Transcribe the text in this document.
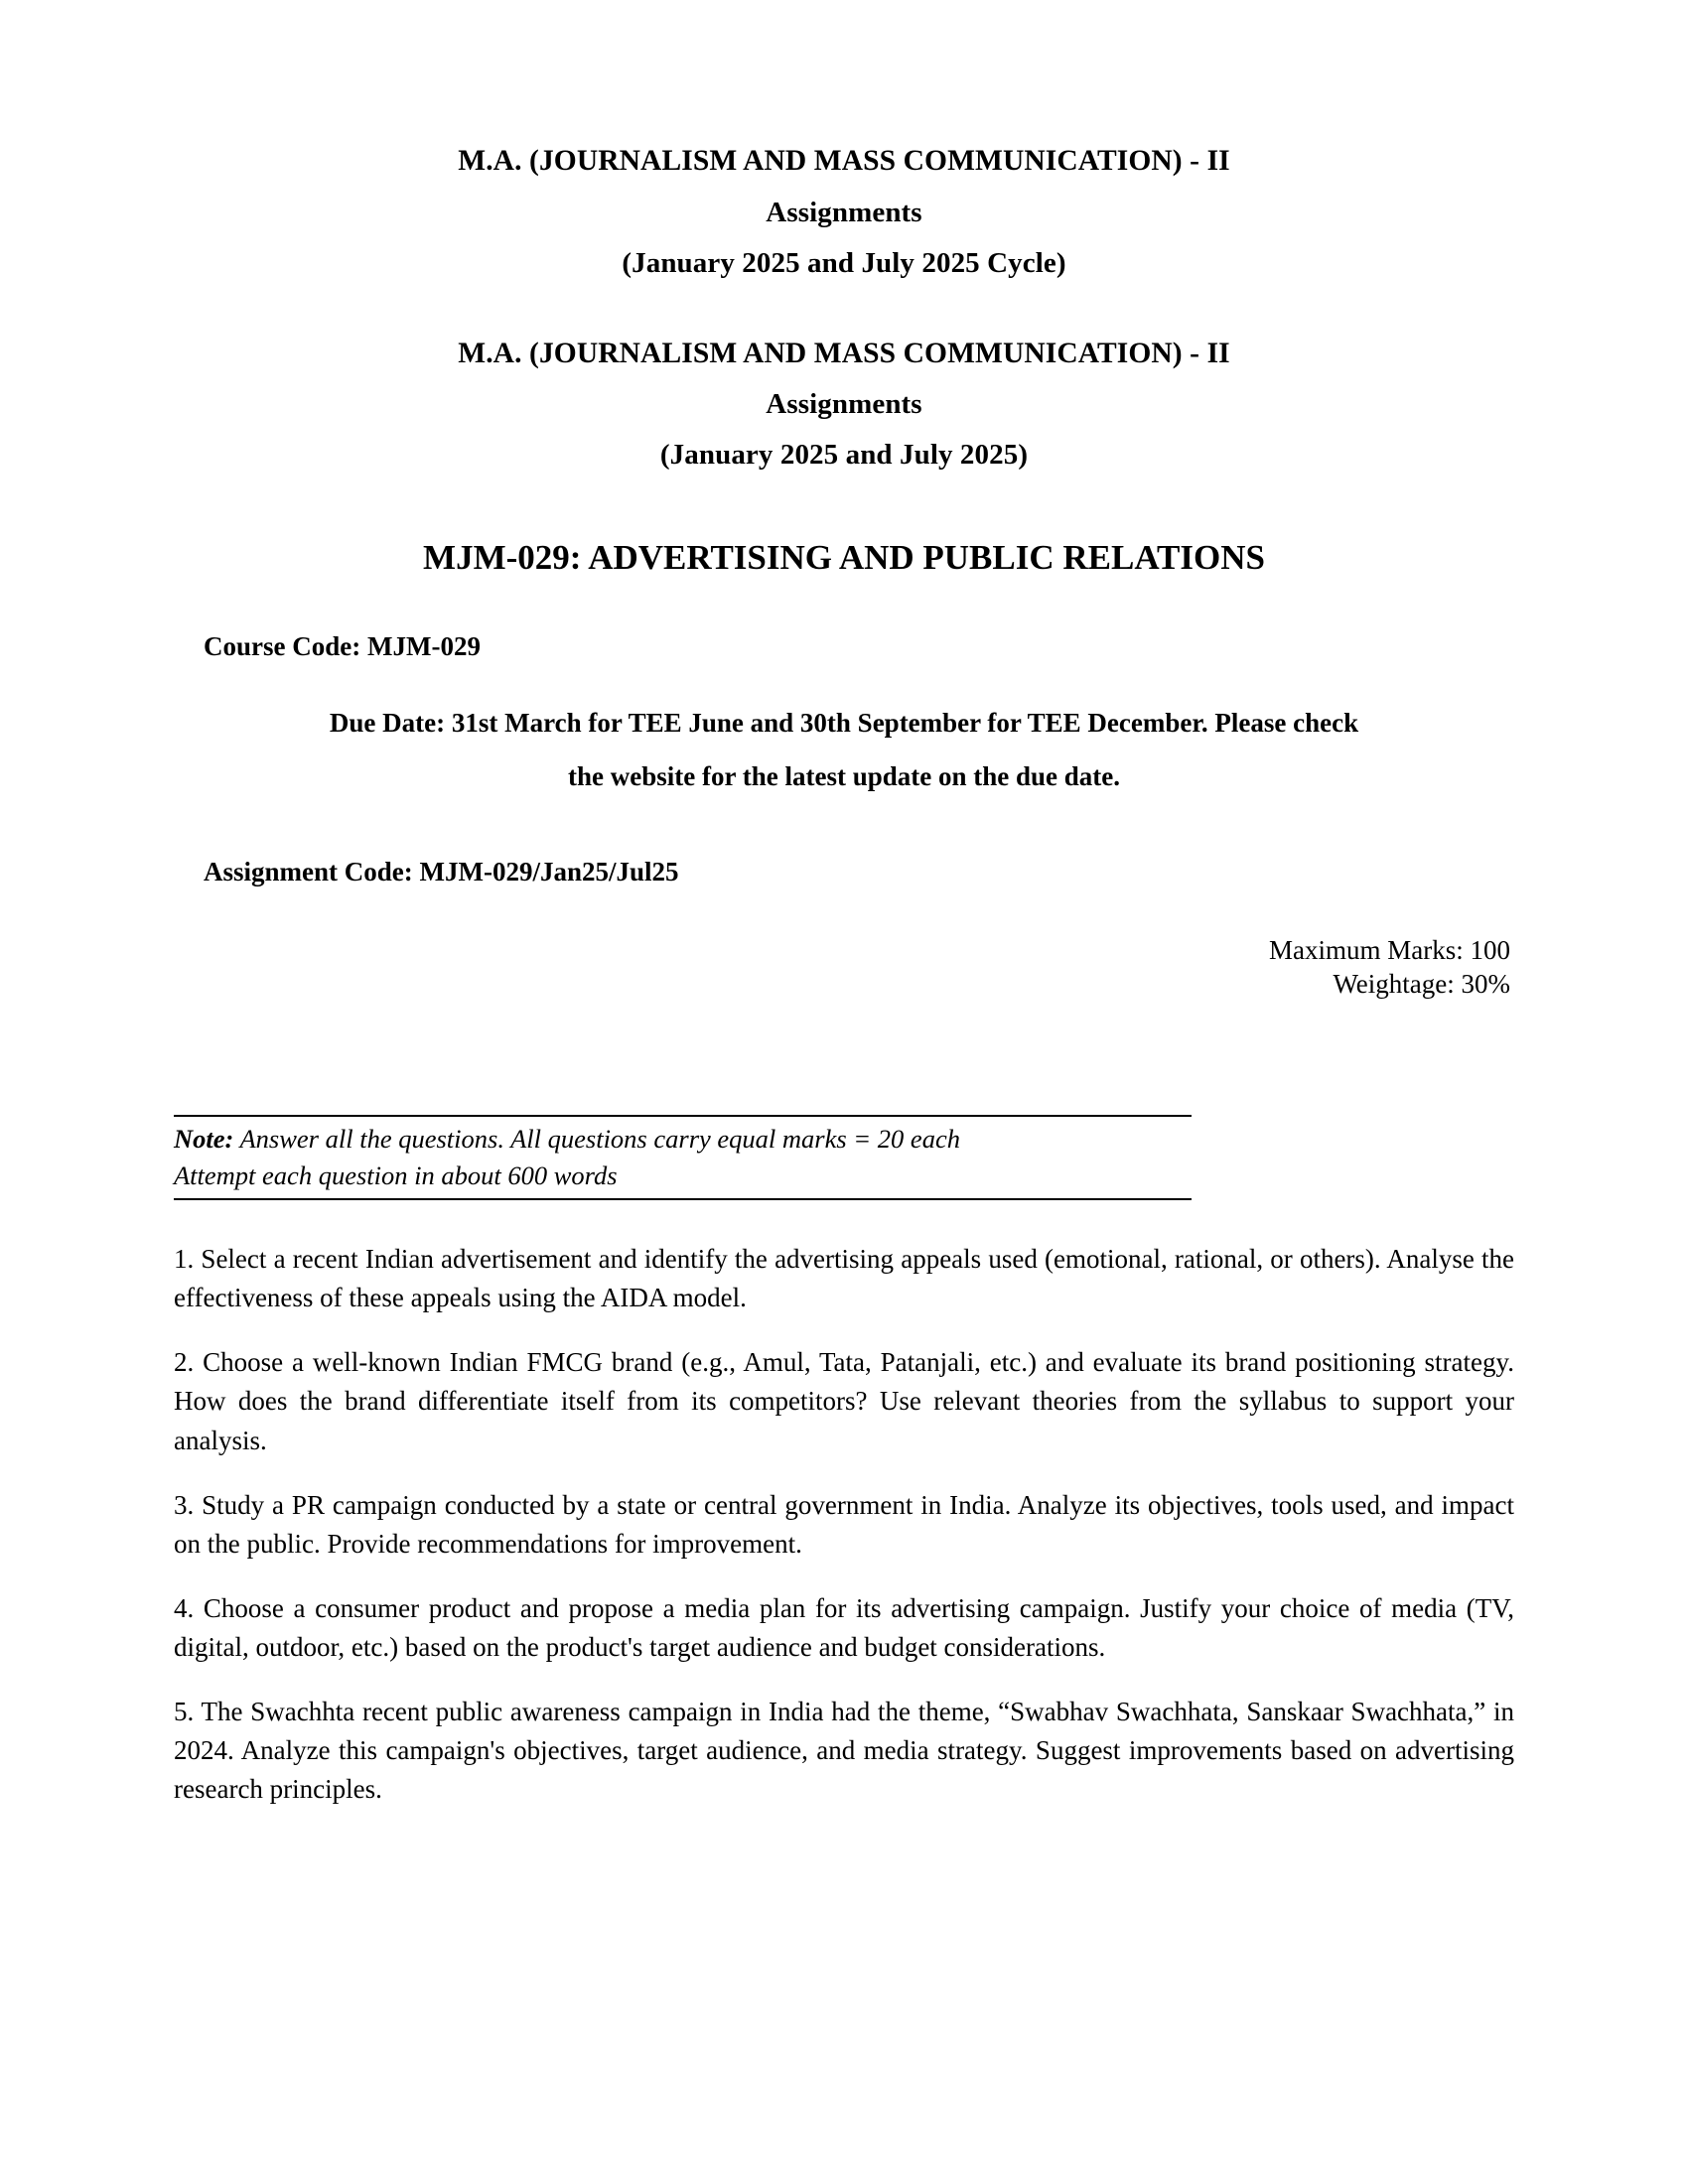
M.A. (JOURNALISM AND MASS COMMUNICATION) - II
Assignments
(January 2025 and July 2025 Cycle)
M.A. (JOURNALISM AND MASS COMMUNICATION) - II
Assignments
(January 2025 and July 2025)
MJM-029: ADVERTISING AND PUBLIC RELATIONS
Course Code: MJM-029
Due Date: 31st March for TEE June and 30th September for TEE December. Please check
the website for the latest update on the due date.
Assignment Code: MJM-029/Jan25/Jul25
Maximum Marks: 100
Weightage: 30%
Note: Answer all the questions. All questions carry equal marks = 20 each
Attempt each question in about 600 words

1. Select a recent Indian advertisement and identify the advertising appeals used (emotional, rational, or others). Analyse the effectiveness of these appeals using the AIDA model.

2. Choose a well-known Indian FMCG brand (e.g., Amul, Tata, Patanjali, etc.) and evaluate its brand positioning strategy. How does the brand differentiate itself from its competitors? Use relevant theories from the syllabus to support your analysis.

3. Study a PR campaign conducted by a state or central government in India. Analyze its objectives, tools used, and impact on the public. Provide recommendations for improvement.

4. Choose a consumer product and propose a media plan for its advertising campaign. Justify your choice of media (TV, digital, outdoor, etc.) based on the product's target audience and budget considerations.

5. The Swachhta recent public awareness campaign in India had the theme, “Swabhav Swachhata, Sanskaar Swachhata,” in 2024. Analyze this campaign's objectives, target audience, and media strategy. Suggest improvements based on advertising research principles.
